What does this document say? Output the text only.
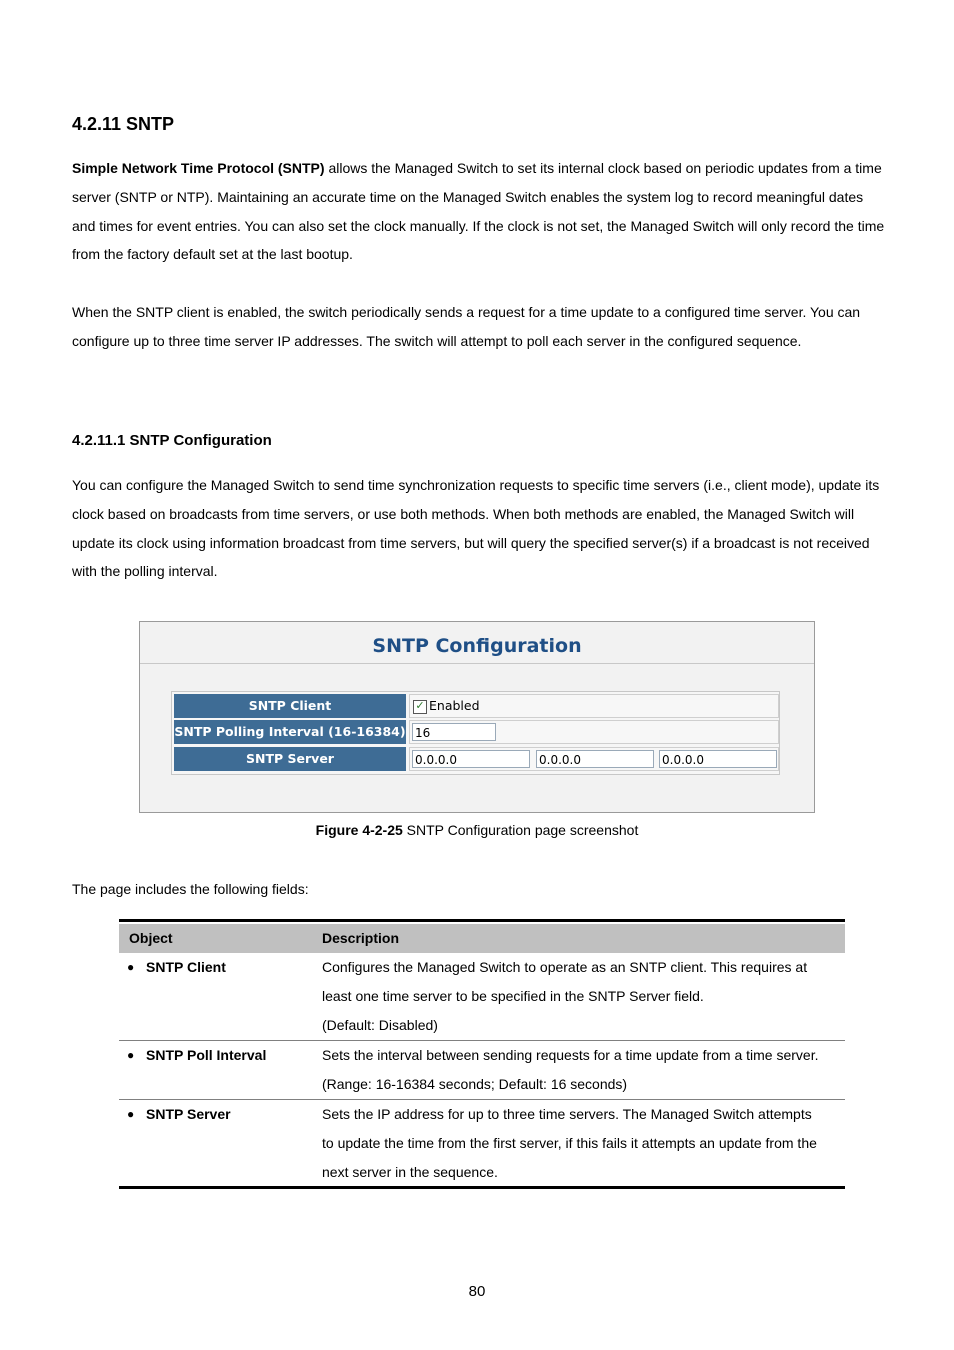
4.2.11 SNTP

Simple Network Time Protocol (SNTP) allows the Managed Switch to set its internal clock based on periodic updates from a time server (SNTP or NTP). Maintaining an accurate time on the Managed Switch enables the system log to record meaningful dates and times for event entries. You can also set the clock manually. If the clock is not set, the Managed Switch will only record the time from the factory default set at the last bootup.

When the SNTP client is enabled, the switch periodically sends a request for a time update to a configured time server. You can configure up to three time server IP addresses. The switch will attempt to poll each server in the configured sequence.

4.2.11.1 SNTP Configuration

You can configure the Managed Switch to send time synchronization requests to specific time servers (i.e., client mode), update its clock based on broadcasts from time servers, or use both methods. When both methods are enabled, the Managed Switch will update its clock using information broadcast from time servers, but will query the specified server(s) if a broadcast is not received with the polling interval.

SNTP Configuration
SNTP Client	✓ Enabled
SNTP Polling Interval (16-16384) 16
SNTP Server	0.0.0.0	0.0.0.0	0.0.0.0
Figure 4-2-25 SNTP Configuration page screenshot

The page includes the following fields:

Object	Description
● SNTP Client	Configures the Managed Switch to operate as an SNTP client. This requires at
least one time server to be specified in the SNTP Server field.
(Default: Disabled)
● SNTP Poll Interval	Sets the interval between sending requests for a time update from a time server.
(Range: 16-16384 seconds; Default: 16 seconds)
● SNTP Server	Sets the IP address for up to three time servers. The Managed Switch attempts
to update the time from the first server, if this fails it attempts an update from the
next server in the sequence.
80
